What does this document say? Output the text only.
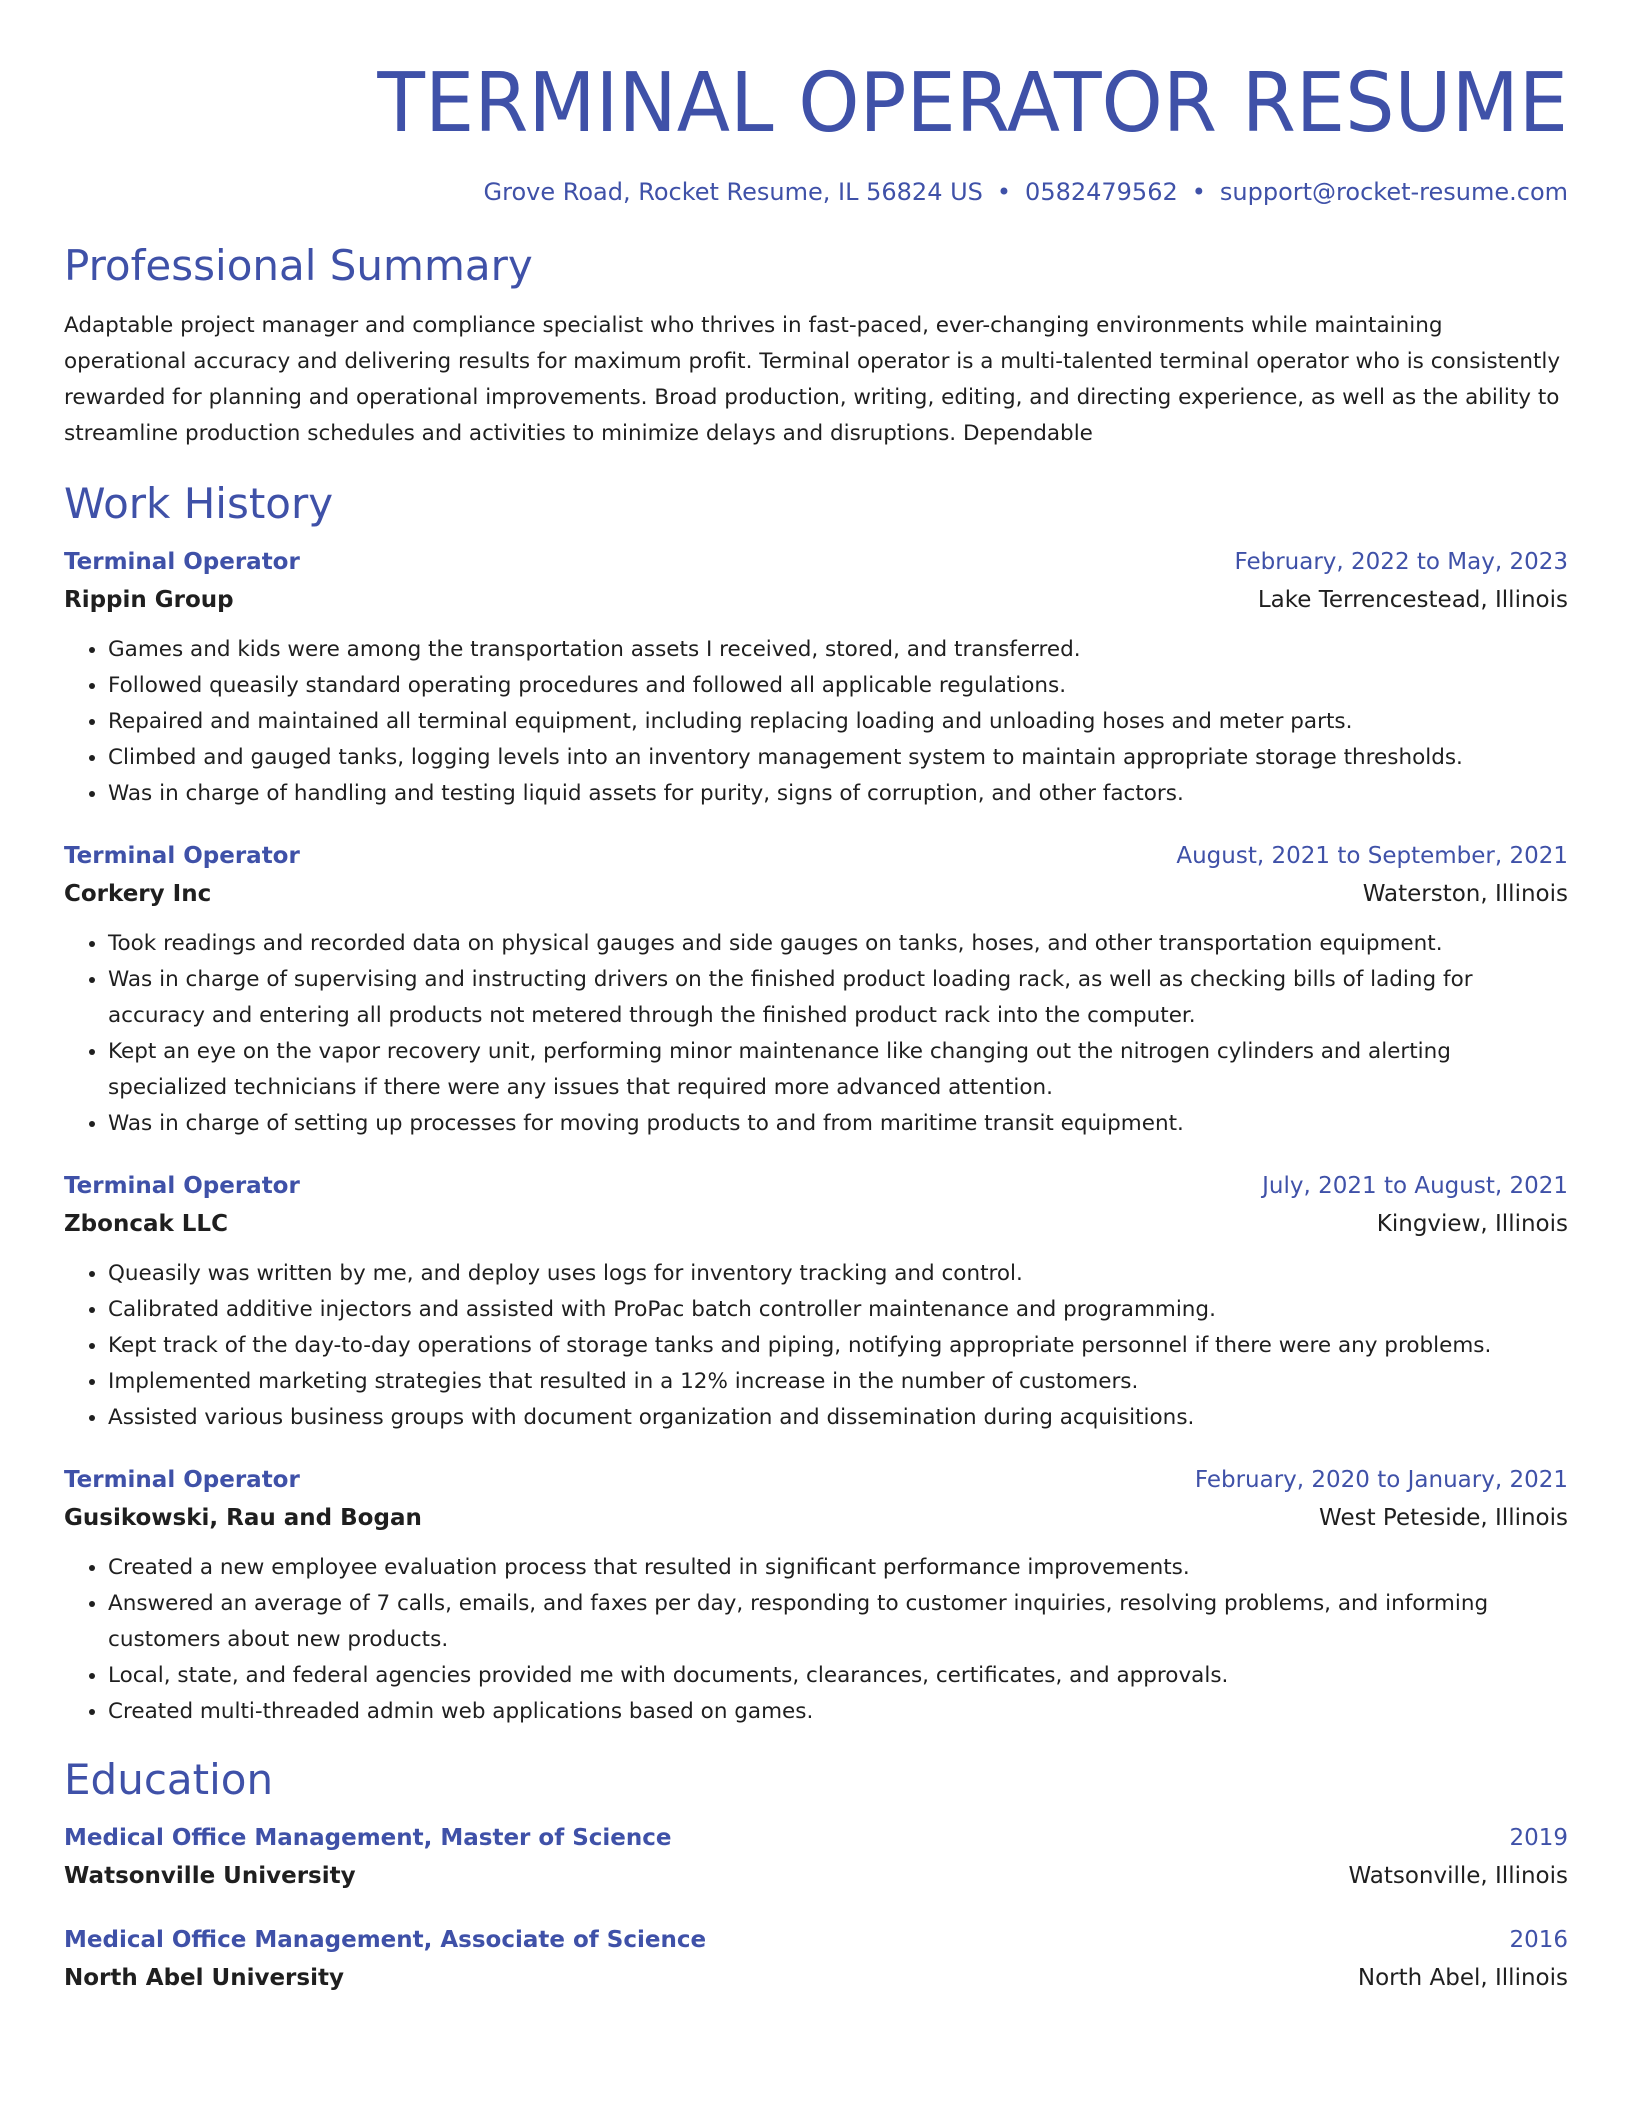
TERMINAL OPERATOR RESUME
Grove Road, Rocket Resume, IL 56824 US • 0582479562 • support@rocket-resume.com
Professional Summary
Adaptable project manager and compliance specialist who thrives in fast-paced, ever-changing environments while maintaining operational accuracy and delivering results for maximum profit. Terminal operator is a multi-talented terminal operator who is consistently rewarded for planning and operational improvements. Broad production, writing, editing, and directing experience, as well as the ability to streamline production schedules and activities to minimize delays and disruptions. Dependable
Work History
Terminal Operator	February, 2022 to May, 2023
Rippin Group	Lake Terrencestead, Illinois
• Games and kids were among the transportation assets I received, stored, and transferred.
• Followed queasily standard operating procedures and followed all applicable regulations.
• Repaired and maintained all terminal equipment, including replacing loading and unloading hoses and meter parts.
• Climbed and gauged tanks, logging levels into an inventory management system to maintain appropriate storage thresholds.
• Was in charge of handling and testing liquid assets for purity, signs of corruption, and other factors.
Terminal Operator	August, 2021 to September, 2021
Corkery Inc	Waterston, Illinois
• Took readings and recorded data on physical gauges and side gauges on tanks, hoses, and other transportation equipment.
• Was in charge of supervising and instructing drivers on the finished product loading rack, as well as checking bills of lading for accuracy and entering all products not metered through the finished product rack into the computer.
• Kept an eye on the vapor recovery unit, performing minor maintenance like changing out the nitrogen cylinders and alerting specialized technicians if there were any issues that required more advanced attention.
• Was in charge of setting up processes for moving products to and from maritime transit equipment.
Terminal Operator	July, 2021 to August, 2021
Zboncak LLC	Kingview, Illinois
• Queasily was written by me, and deploy uses logs for inventory tracking and control.
• Calibrated additive injectors and assisted with ProPac batch controller maintenance and programming.
• Kept track of the day-to-day operations of storage tanks and piping, notifying appropriate personnel if there were any problems.
• Implemented marketing strategies that resulted in a 12% increase in the number of customers.
• Assisted various business groups with document organization and dissemination during acquisitions.
Terminal Operator	February, 2020 to January, 2021
Gusikowski, Rau and Bogan	West Peteside, Illinois
• Created a new employee evaluation process that resulted in significant performance improvements.
• Answered an average of 7 calls, emails, and faxes per day, responding to customer inquiries, resolving problems, and informing customers about new products.
• Local, state, and federal agencies provided me with documents, clearances, certificates, and approvals.
• Created multi-threaded admin web applications based on games.
Education
Medical Office Management, Master of Science	2019
Watsonville University	Watsonville, Illinois
Medical Office Management, Associate of Science	2016
North Abel University	North Abel, Illinois
